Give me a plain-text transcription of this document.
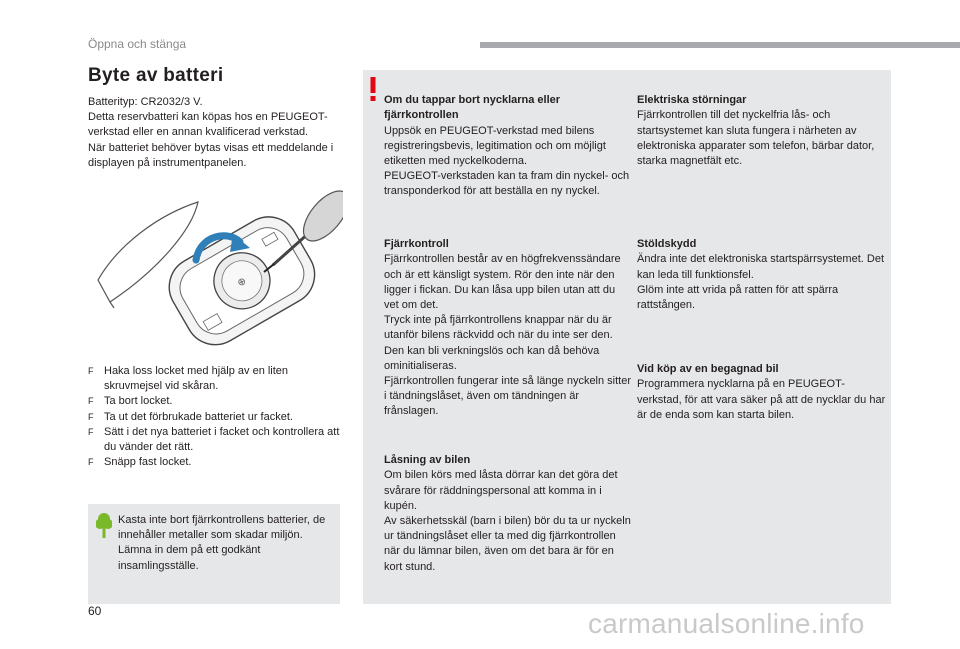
Öppna och stänga
Byte av batteri
Batterityp: CR2032/3 V.
Detta reservbatteri kan köpas hos en PEUGEOT-verkstad eller en annan kvalificerad verkstad.
När batteriet behöver bytas visas ett meddelande i displayen på instrumentpanelen.
⊕
F Haka loss locket med hjälp av en liten skruvmejsel vid skåran.
F Ta bort locket.
F Ta ut det förbrukade batteriet ur facket.
F Sätt i det nya batteriet i facket och kontrollera att du vänder det rätt.
F Snäpp fast locket.
Kasta inte bort fjärrkontrollens batterier, de innehåller metaller som skadar miljön.
Lämna in dem på ett godkänt insamlingsställe.

Om du tappar bort nycklarna eller fjärrkontrollen
Uppsök en PEUGEOT-verkstad med bilens registreringsbevis, legitimation och om möjligt etiketten med nyckelkoderna.
PEUGEOT-verkstaden kan ta fram din nyckel- och transponderkod för att beställa en ny nyckel.

Fjärrkontroll
Fjärrkontrollen består av en högfrekvenssändare och är ett känsligt system. Rör den inte när den ligger i fickan. Du kan låsa upp bilen utan att du vet om det.
Tryck inte på fjärrkontrollens knappar när du är utanför bilens räckvidd och när du inte ser den. Den kan bli verkningslös och kan då behöva ominitialiseras.
Fjärrkontrollen fungerar inte så länge nyckeln sitter i tändningslåset, även om tändningen är frånslagen.

Låsning av bilen
Om bilen körs med låsta dörrar kan det göra det svårare för räddningspersonal att komma in i kupén.
Av säkerhetsskäl (barn i bilen) bör du ta ur nyckeln ur tändningslåset eller ta med dig fjärrkontrollen när du lämnar bilen, även om det bara är för en kort stund.

Elektriska störningar
Fjärrkontrollen till det nyckelfria lås- och startsystemet kan sluta fungera i närheten av elektroniska apparater som telefon, bärbar dator, starka magnetfält etc.

Stöldskydd
Ändra inte det elektroniska startspärrsystemet. Det kan leda till funktionsfel.
Glöm inte att vrida på ratten för att spärra rattstången.

Vid köp av en begagnad bil
Programmera nycklarna på en PEUGEOT-verkstad, för att vara säker på att de nycklar du har är de enda som kan starta bilen.

60	carmanualsonline.info
